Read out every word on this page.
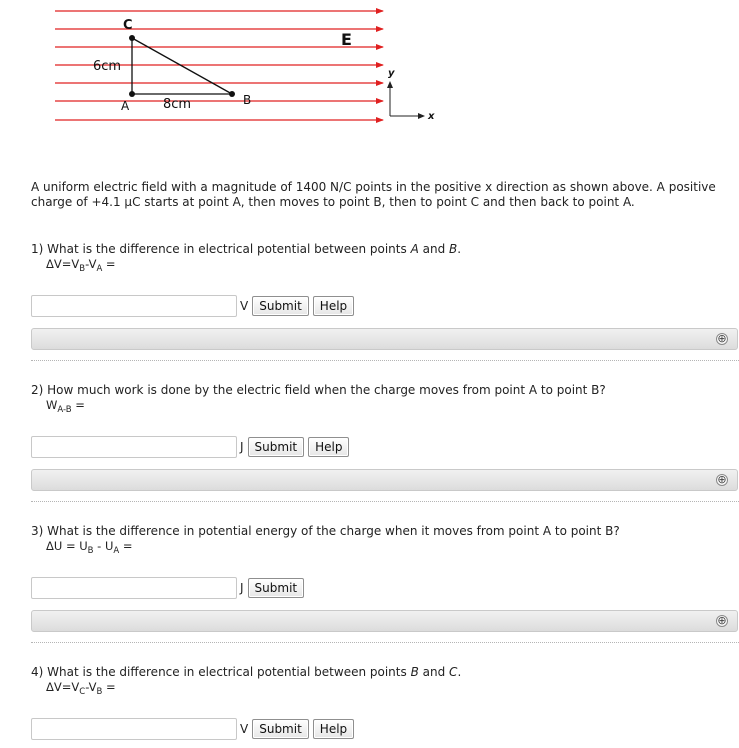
C
A	B
6cm
8cm
E
y
x
A uniform electric field with a magnitude of 1400 N/C points in the positive x direction as shown above. A positive charge of +4.1 μC starts at point A, then moves to point B, then to point C and then back to point A.
1) What is the difference in electrical potential between points A and B.
$\Delta V=V_B-V_A$ =
V Submit	Help
⊕
2) How much work is done by the electric field when the charge moves from point A to point B?
$W_{A-B}$ =
J Submit	Help
⊕
3) What is the difference in potential energy of the charge when it moves from point A to point B?
$\Delta U = U_B - U_A$ =
J Submit
⊕
4) What is the difference in electrical potential between points B and C.
$\Delta V=V_C-V_B$ =
V Submit	Help
